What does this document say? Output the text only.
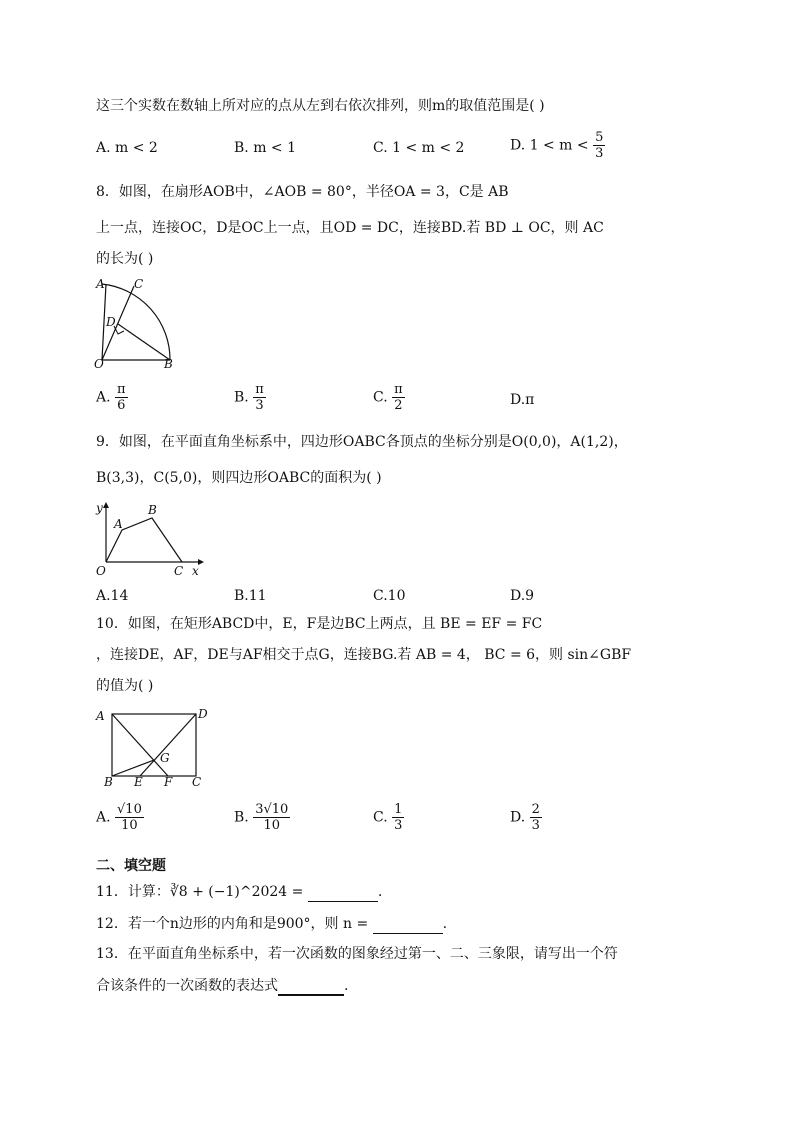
这三个实数在数轴上所对应的点从左到右依次排列，则m的取值范围是( )
A. m < 2	B. m < 1	C. 1 < m < 2	D. $1 < m < \frac{5}{3}$
8．如图，在扇形AOB中，∠AOB = 80°，半径OA = 3，C是 AB
上一点，连接OC，D是OC上一点，且OD = DC，连接BD.若 BD ⊥ OC，则 AC
的长为( )
A C
D
O	B
A. $\frac{\pi}{6}$	B. $\frac{\pi}{3}$	C. $\frac{\pi}{2}$	D.π
9．如图，在平面直角坐标系中，四边形OABC各顶点的坐标分别是O(0,0)，A(1,2)，
B(3,3)，C(5,0)，则四边形OABC的面积为( )
y
A
B
O	C x
A.14	B.11	C.10	D.9
10．如图，在矩形ABCD中，E，F是边BC上两点，且 BE = EF = FC
，连接DE，AF，DE与AF相交于点G，连接BG.若 AB = 4， BC = 6，则 sin∠GBF
的值为( )
A	D
G
B E F C
A. $\frac{√10}{10}$	B. $\frac{3√10}{10}$	C. $\frac{1}{3}$	D. $\frac{2}{3}$
二、填空题
11．计算：∛8 + (−1)^2024 =	.
12．若一个n边形的内角和是900°，则 n =	.
13．在平面直角坐标系中，若一次函数的图象经过第一、二、三象限，请写出一个符
合该条件的一次函数的表达式	.
